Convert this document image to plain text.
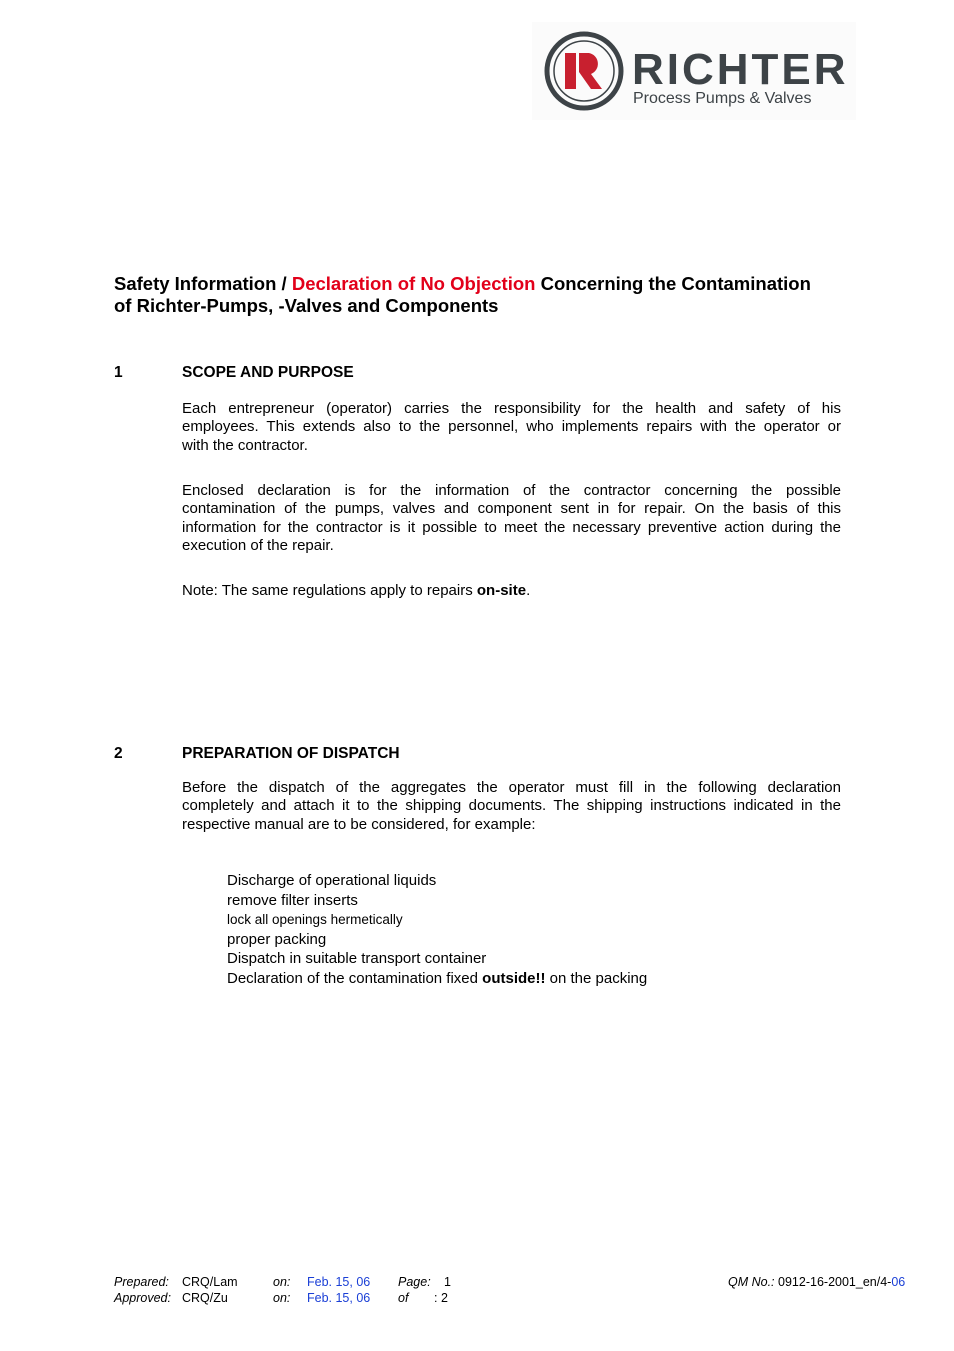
RICHTER
Process Pumps & Valves
Safety Information / Declaration of No Objection Concerning the Contamination
of Richter-Pumps, -Valves and Components
1	SCOPE AND PURPOSE
Each entrepreneur (operator) carries the responsibility for the health and safety of his
employees. This extends also to the personnel, who implements repairs with the operator or
with the contractor.
Enclosed declaration is for the information of the contractor concerning the possible
contamination of the pumps, valves and component sent in for repair. On the basis of this
information for the contractor is it possible to meet the necessary preventive action during the
execution of the repair.
Note: The same regulations apply to repairs on-site.
2	PREPARATION OF DISPATCH
Before the dispatch of the aggregates the operator must fill in the following declaration
completely and attach it to the shipping documents. The shipping instructions indicated in the
respective manual are to be considered, for example:
Discharge of operational liquids
remove filter inserts
lock all openings hermetically
proper packing
Dispatch in suitable transport container
Declaration of the contamination fixed outside!! on the packing
Prepared:
Approved:
CRQ/Lam
CRQ/Zu
on:
on:
Feb. 15, 06
Feb. 15, 06
Page:
of
1
: 2
QM No.: 0912-16-2001_en/4-06
